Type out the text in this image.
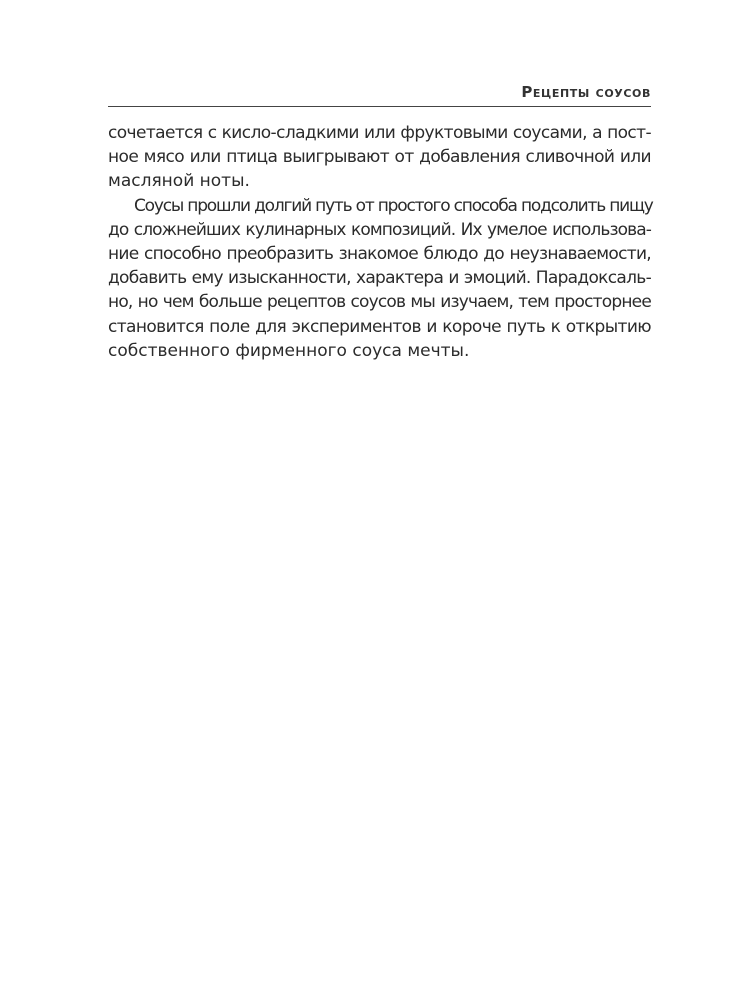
Рецепты соусов
сочетается с кисло-сладкими или фруктовыми соусами, а пост-
ное мясо или птица выигрывают от добавления сливочной или
масляной ноты.
Соусы прошли долгий путь от простого способа подсолить пищу
до сложнейших кулинарных композиций. Их умелое использова-
ние способно преобразить знакомое блюдо до неузнаваемости,
добавить ему изысканности, характера и эмоций. Парадоксаль-
но, но чем больше рецептов соусов мы изучаем, тем просторнее
становится поле для экспериментов и короче путь к открытию
собственного фирменного соуса мечты.
